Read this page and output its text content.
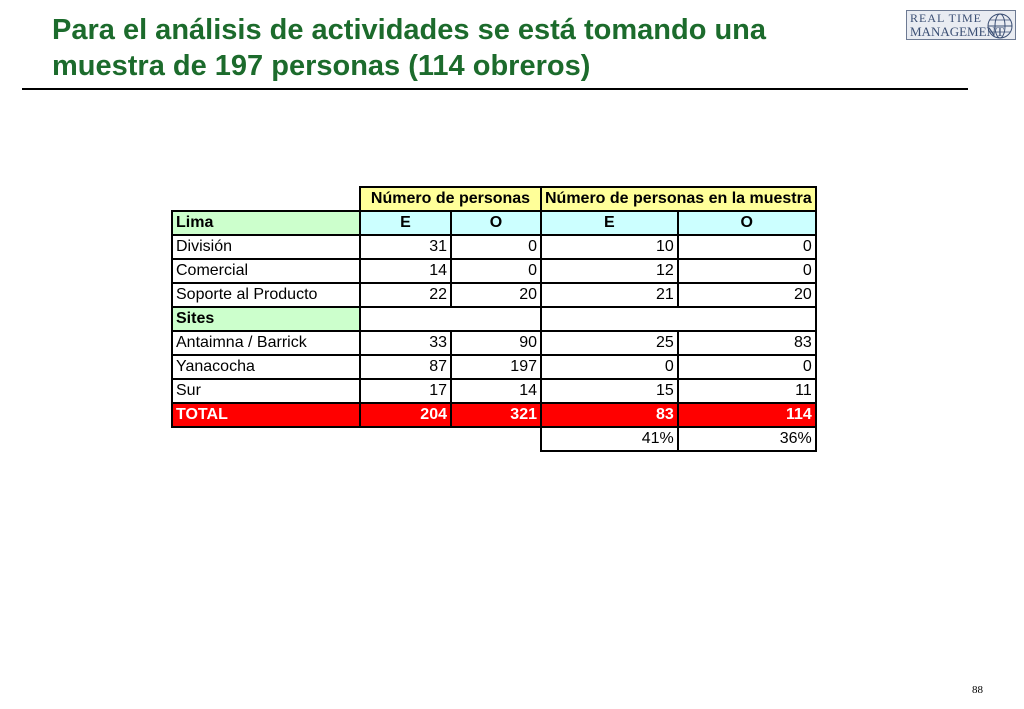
Para el análisis de actividades se está tomando una muestra de 197 personas (114 obreros)
REAL TIME
MANAGEMENT
	Número de personas		Número de personas en la muestra	
Lima	E	O	E	O
División	31	0	10	0
Comercial	14	0	12	0
Soporte al Producto	22	20	21	20
Sites				
Antaimna / Barrick	33	90	25	83
Yanacocha	87	197	0	0
Sur	17	14	15	11
TOTAL	204	321	83	114
			41%	36%
88
